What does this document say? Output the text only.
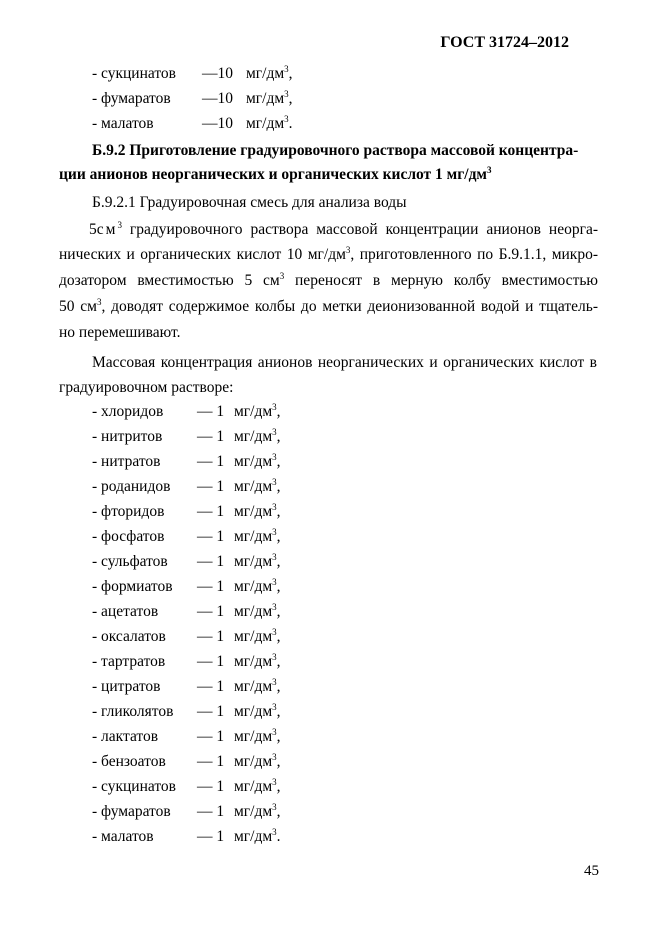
ГОСТ 31724–2012
- сукцинатов —10 $мг/дм^3$,
- фумаратов —10 $мг/дм^3$,
- малатов	—10 $мг/дм^3$.
Б.9.2 Приготовление градуировочного раствора массовой концентра-
ции анионов неорганических и органических кислот 1 $мг/дм^3$
Б.9.2.1 Градуировочная смесь для анализа воды
$5см^3$ градуировочного раствора массовой концентрации анионов неорга-
нических и органических кислот 10 $мг/дм^3$, приготовленного по Б.9.1.1, микро-
дозатором вместимостью 5 $см^3$ переносят в мерную колбу вместимостью
50 $см^3$, доводят содержимое колбы до метки деионизованной водой и тщатель-
но перемешивают.
Массовая концентрация анионов неорганических и органических кислот в
градуировочном растворе:
- хлоридов — 1 $мг/дм^3$,
- нитритов — 1 $мг/дм^3$,
- нитратов — 1 $мг/дм^3$,
- роданидов — 1 $мг/дм^3$,
- фторидов — 1 $мг/дм^3$,
- фосфатов — 1 $мг/дм^3$,
- сульфатов — 1 $мг/дм^3$,
- формиатов — 1 $мг/дм^3$,
- ацетатов	— 1 $мг/дм^3$,
- оксалатов — 1 $мг/дм^3$,
- тартратов — 1 $мг/дм^3$,
- цитратов — 1 $мг/дм^3$,
- гликолятов — 1 $мг/дм^3$,
- лактатов	— 1 $мг/дм^3$,
- бензоатов — 1 $мг/дм^3$,
- сукцинатов — 1 $мг/дм^3$,
- фумаратов — 1 $мг/дм^3$,
- малатов	— 1 $мг/дм^3$.
45
